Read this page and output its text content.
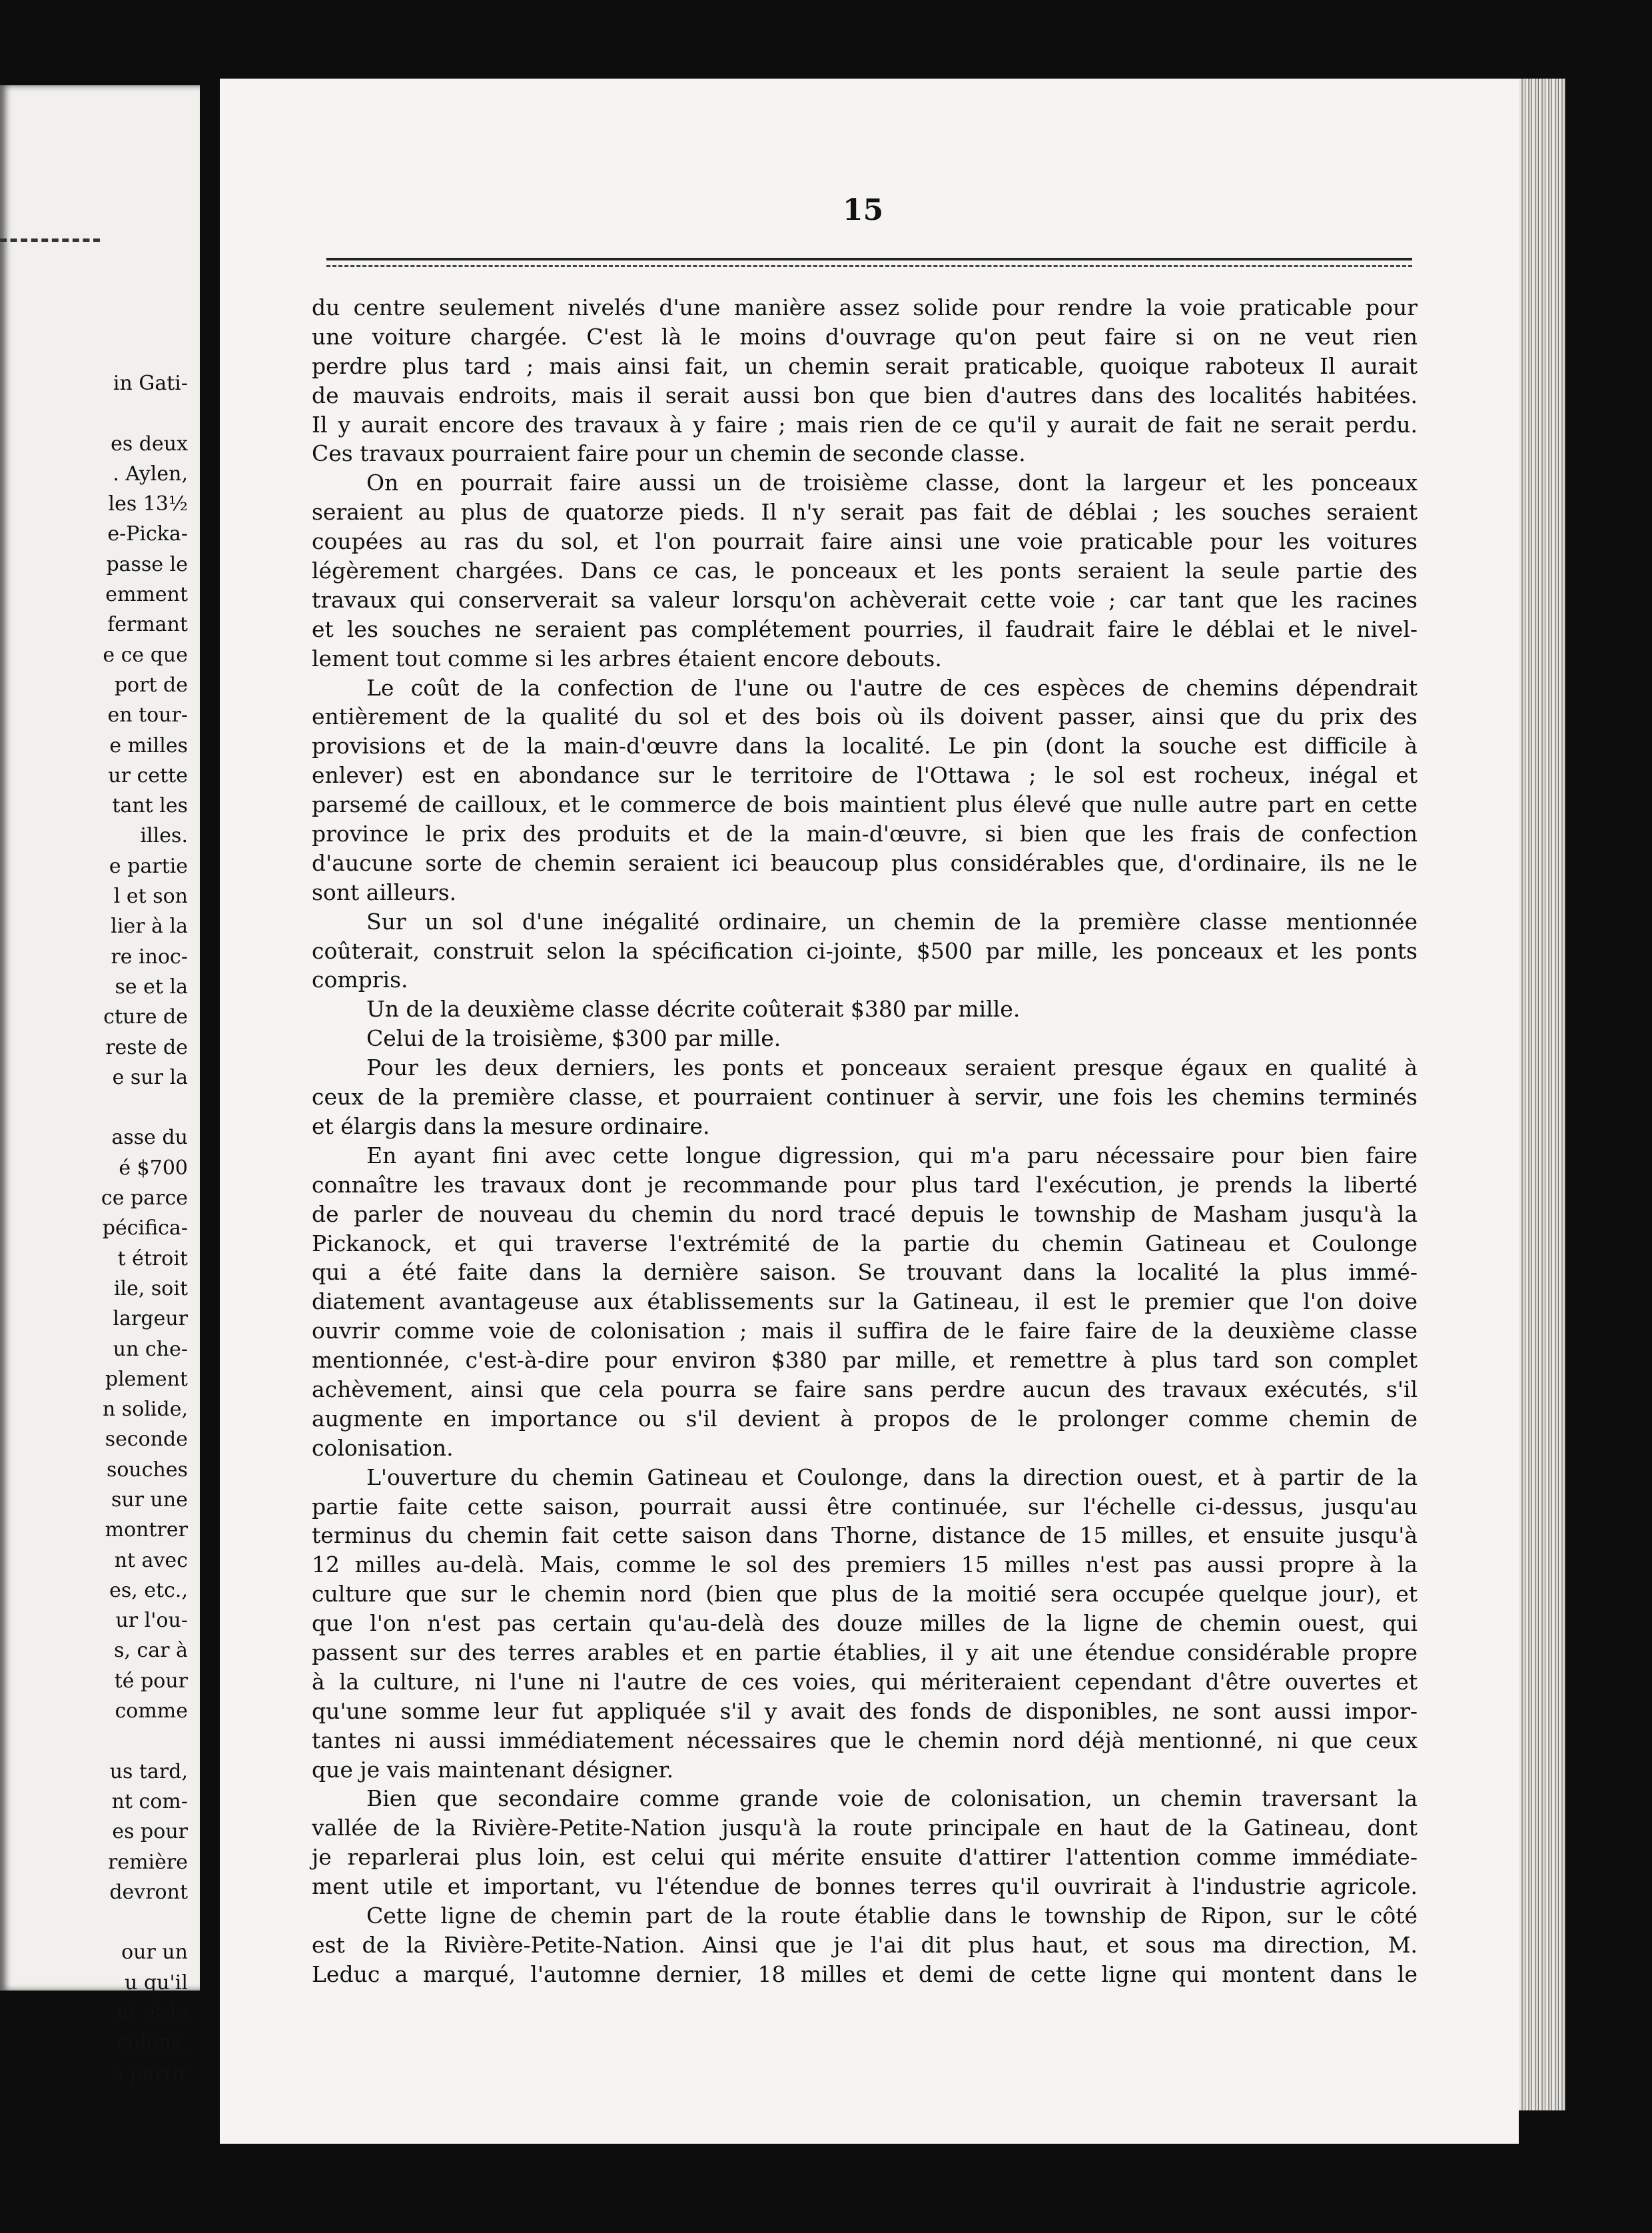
in Gati-
es deux
. Aylen,
les 13½
e-Picka-
passe le
emment
fermant
e ce que
port de
en tour-
e milles
ur cette
tant les
illes.
e partie
l et son
lier à la
re inoc-
se et la
cture de
reste de
e sur la
asse du
é $700
ce parce
pécifica-
t étroit
ile, soit
largeur
un che-
plement
n solide,
seconde
souches
sur une
montrer
nt avec
es, etc.,
ur l'ou-
s, car à
té pour
comme
us tard,
nt com-
es pour
remière
devront
our un
u qu'il
nt et le
colons,
à partir
15
du centre seulement nivelés d'une manière assez solide pour rendre la voie praticable pour
une voiture chargée. C'est là le moins d'ouvrage qu'on peut faire si on ne veut rien
perdre plus tard ; mais ainsi fait, un chemin serait praticable, quoique raboteux Il aurait
de mauvais endroits, mais il serait aussi bon que bien d'autres dans des localités habitées.
Il y aurait encore des travaux à y faire ; mais rien de ce qu'il y aurait de fait ne serait perdu.
Ces travaux pourraient faire pour un chemin de seconde classe.
On en pourrait faire aussi un de troisième classe, dont la largeur et les ponceaux
seraient au plus de quatorze pieds. Il n'y serait pas fait de déblai ; les souches seraient
coupées au ras du sol, et l'on pourrait faire ainsi une voie praticable pour les voitures
légèrement chargées. Dans ce cas, le ponceaux et les ponts seraient la seule partie des
travaux qui conserverait sa valeur lorsqu'on achèverait cette voie ; car tant que les racines
et les souches ne seraient pas complétement pourries, il faudrait faire le déblai et le nivel-
lement tout comme si les arbres étaient encore debouts.
Le coût de la confection de l'une ou l'autre de ces espèces de chemins dépendrait
entièrement de la qualité du sol et des bois où ils doivent passer, ainsi que du prix des
provisions et de la main-d'œuvre dans la localité. Le pin (dont la souche est difficile à
enlever) est en abondance sur le territoire de l'Ottawa ; le sol est rocheux, inégal et
parsemé de cailloux, et le commerce de bois maintient plus élevé que nulle autre part en cette
province le prix des produits et de la main-d'œuvre, si bien que les frais de confection
d'aucune sorte de chemin seraient ici beaucoup plus considérables que, d'ordinaire, ils ne le
sont ailleurs.
Sur un sol d'une inégalité ordinaire, un chemin de la première classe mentionnée
coûterait, construit selon la spécification ci-jointe, $500 par mille, les ponceaux et les ponts
compris.
Un de la deuxième classe décrite coûterait $380 par mille.
Celui de la troisième, $300 par mille.
Pour les deux derniers, les ponts et ponceaux seraient presque égaux en qualité à
ceux de la première classe, et pourraient continuer à servir, une fois les chemins terminés
et élargis dans la mesure ordinaire.
En ayant fini avec cette longue digression, qui m'a paru nécessaire pour bien faire
connaître les travaux dont je recommande pour plus tard l'exécution, je prends la liberté
de parler de nouveau du chemin du nord tracé depuis le township de Masham jusqu'à la
Pickanock, et qui traverse l'extrémité de la partie du chemin Gatineau et Coulonge
qui a été faite dans la dernière saison. Se trouvant dans la localité la plus immé-
diatement avantageuse aux établissements sur la Gatineau, il est le premier que l'on doive
ouvrir comme voie de colonisation ; mais il suffira de le faire faire de la deuxième classe
mentionnée, c'est-à-dire pour environ $380 par mille, et remettre à plus tard son complet
achèvement, ainsi que cela pourra se faire sans perdre aucun des travaux exécutés, s'il
augmente en importance ou s'il devient à propos de le prolonger comme chemin de
colonisation.
L'ouverture du chemin Gatineau et Coulonge, dans la direction ouest, et à partir de la
partie faite cette saison, pourrait aussi être continuée, sur l'échelle ci-dessus, jusqu'au
terminus du chemin fait cette saison dans Thorne, distance de 15 milles, et ensuite jusqu'à
12 milles au-delà. Mais, comme le sol des premiers 15 milles n'est pas aussi propre à la
culture que sur le chemin nord (bien que plus de la moitié sera occupée quelque jour), et
que l'on n'est pas certain qu'au-delà des douze milles de la ligne de chemin ouest, qui
passent sur des terres arables et en partie établies, il y ait une étendue considérable propre
à la culture, ni l'une ni l'autre de ces voies, qui mériteraient cependant d'être ouvertes et
qu'une somme leur fut appliquée s'il y avait des fonds de disponibles, ne sont aussi impor-
tantes ni aussi immédiatement nécessaires que le chemin nord déjà mentionné, ni que ceux
que je vais maintenant désigner.
Bien que secondaire comme grande voie de colonisation, un chemin traversant la
vallée de la Rivière-Petite-Nation jusqu'à la route principale en haut de la Gatineau, dont
je reparlerai plus loin, est celui qui mérite ensuite d'attirer l'attention comme immédiate-
ment utile et important, vu l'étendue de bonnes terres qu'il ouvrirait à l'industrie agricole.
Cette ligne de chemin part de la route établie dans le township de Ripon, sur le côté
est de la Rivière-Petite-Nation. Ainsi que je l'ai dit plus haut, et sous ma direction, M.
Leduc a marqué, l'automne dernier, 18 milles et demi de cette ligne qui montent dans le
